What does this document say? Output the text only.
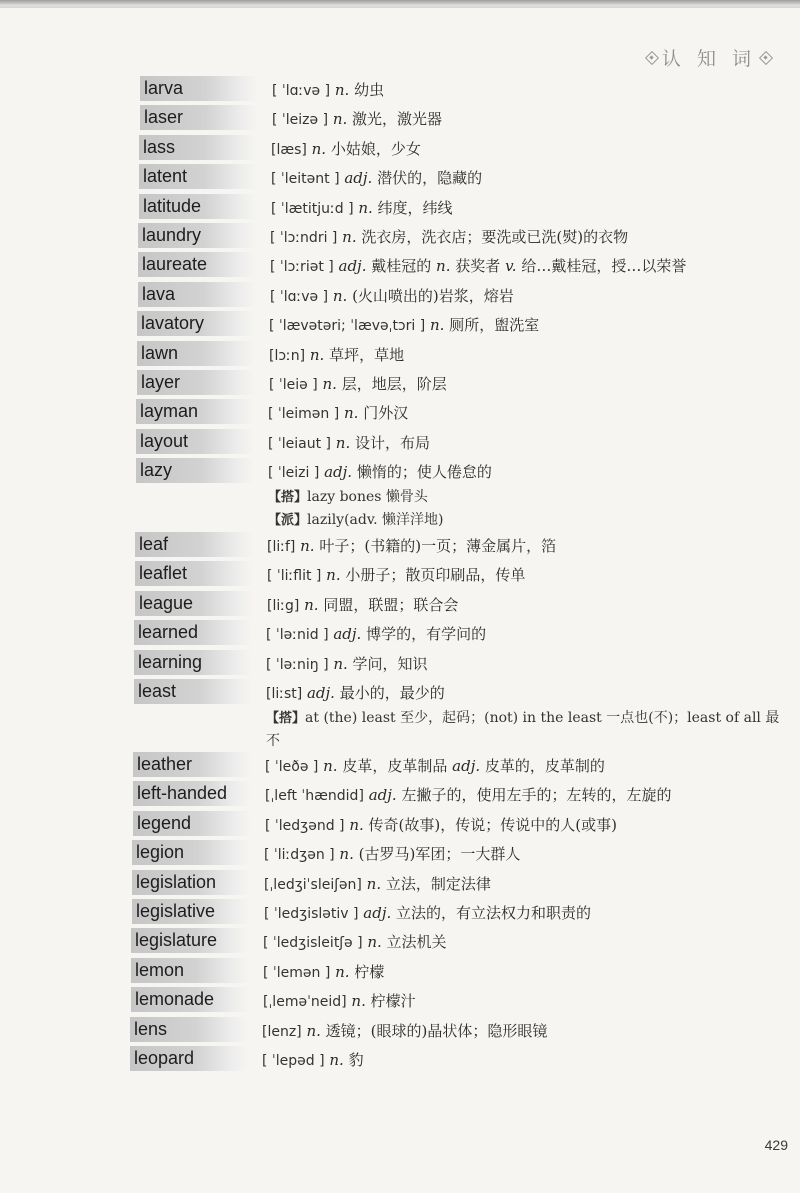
认 知 词
larva	[ ˈlɑːvə ] n. 幼虫
laser	[ ˈleizə ] n. 激光，激光器
lass	[læs] n. 小姑娘，少女
latent	[ ˈleitənt ] adj. 潜伏的，隐藏的
latitude	[ ˈlætitjuːd ] n. 纬度，纬线
laundry	[ ˈlɔːndri ] n. 洗衣房，洗衣店；要洗或已洗(熨)的衣物
laureate	[ ˈlɔːriət ] adj. 戴桂冠的 n. 获奖者 v. 给…戴桂冠，授…以荣誉
lava	[ ˈlɑːvə ] n. (火山喷出的)岩浆，熔岩
lavatory	[ ˈlævətəri; ˈlævəˌtɔri ] n. 厕所，盥洗室
lawn	[lɔːn] n. 草坪，草地
layer	[ ˈleiə ] n. 层，地层，阶层
layman	[ ˈleimən ] n. 门外汉
layout	[ ˈleiaut ] n. 设计，布局
lazy	[ ˈleizi ] adj. 懒惰的；使人倦怠的
【搭】lazy bones 懒骨头
【派】lazily(adv. 懒洋洋地)
leaf	[liːf] n. 叶子；(书籍的)一页；薄金属片，箔
leaflet	[ ˈliːflit ] n. 小册子；散页印刷品，传单
league	[liːg] n. 同盟，联盟；联合会
learned	[ ˈləːnid ] adj. 博学的，有学问的
learning	[ ˈləːniŋ ] n. 学问，知识
least	[liːst] adj. 最小的，最少的
【搭】at (the) least 至少，起码；(not) in the least 一点也(不)；least of all 最不
leather	[ ˈleðə ] n. 皮革，皮革制品 adj. 皮革的，皮革制的
left-handed	[ˌleft ˈhændid] adj. 左撇子的，使用左手的；左转的，左旋的
legend	[ ˈledʒənd ] n. 传奇(故事)，传说；传说中的人(或事)
legion	[ ˈliːdʒən ] n. (古罗马)军团；一大群人
legislation	[ˌledʒiˈsleiʃən] n. 立法，制定法律
legislative	[ ˈledʒislətiv ] adj. 立法的，有立法权力和职责的
legislature	[ ˈledʒisleitʃə ] n. 立法机关
lemon	[ ˈlemən ] n. 柠檬
lemonade	[ˌleməˈneid] n. 柠檬汁
lens	[lenz] n. 透镜；(眼球的)晶状体；隐形眼镜
leopard	[ ˈlepəd ] n. 豹
429
